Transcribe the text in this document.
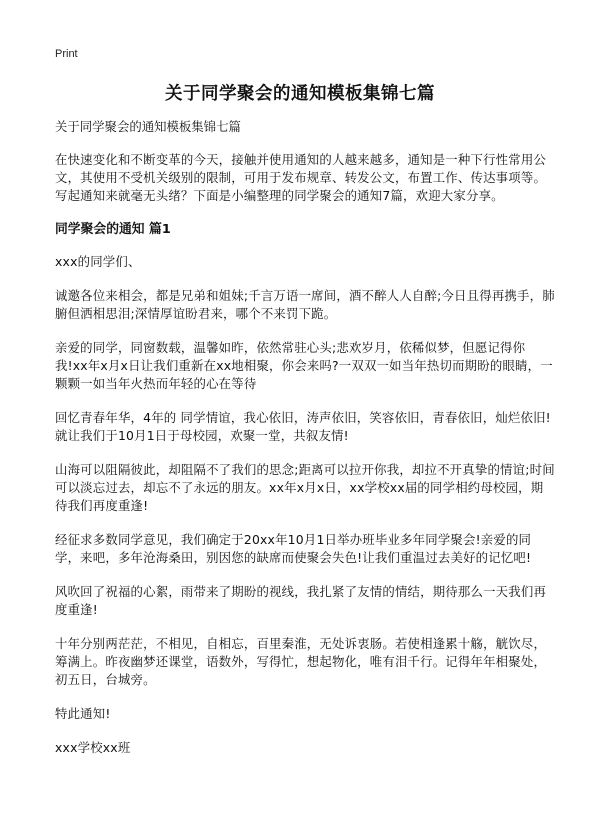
Print
关于同学聚会的通知模板集锦七篇

关于同学聚会的通知模板集锦七篇

在快速变化和不断变革的今天，接触并使用通知的人越来越多，通知是一种下行性常用公文，其使用不受机关级别的限制，可用于发布规章、转发公文，布置工作、传达事项等。写起通知来就毫无头绪？下面是小编整理的同学聚会的通知7篇，欢迎大家分享。

同学聚会的通知 篇1

xxx的同学们、

诚邀各位来相会，都是兄弟和姐妹;千言万语一席间，酒不醉人人自醉;今日且得再携手，肺腑但洒相思泪;深情厚谊盼君来，哪个不来罚下跪。

亲爱的同学，同窗数载，温馨如昨，依然常驻心头;悲欢岁月，依稀似梦，但愿记得你我!xx年x月x日让我们重新在xx地相聚，你会来吗?一双双一如当年热切而期盼的眼睛，一颗颗一如当年火热而年轻的心在等待

回忆青春年华，4年的 同学情谊，我心依旧，涛声依旧，笑容依旧，青春依旧，灿烂依旧!就让我们于10月1日于母校园，欢聚一堂，共叙友情!

山海可以阻隔彼此，却阻隔不了我们的思念;距离可以拉开你我，却拉不开真挚的情谊;时间可以淡忘过去，却忘不了永远的朋友。xx年x月x日，xx学校xx届的同学相约母校园，期待我们再度重逢!

经征求多数同学意见，我们确定于20xx年10月1日举办班毕业多年同学聚会!亲爱的同学，来吧，多年沧海桑田，别因您的缺席而使聚会失色!让我们重温过去美好的记忆吧!

风吹回了祝福的心絮，雨带来了期盼的视线，我扎紧了友情的情结，期待那么一天我们再度重逢!

十年分别两茫茫，不相见，自相忘，百里秦淮，无处诉衷肠。若使相逢累十觞，觥饮尽，筹满上。昨夜幽梦还课堂，语数外，写得忙，想起物化，唯有泪千行。记得年年相聚处，初五日，台城旁。

特此通知!

xxx学校xx班
